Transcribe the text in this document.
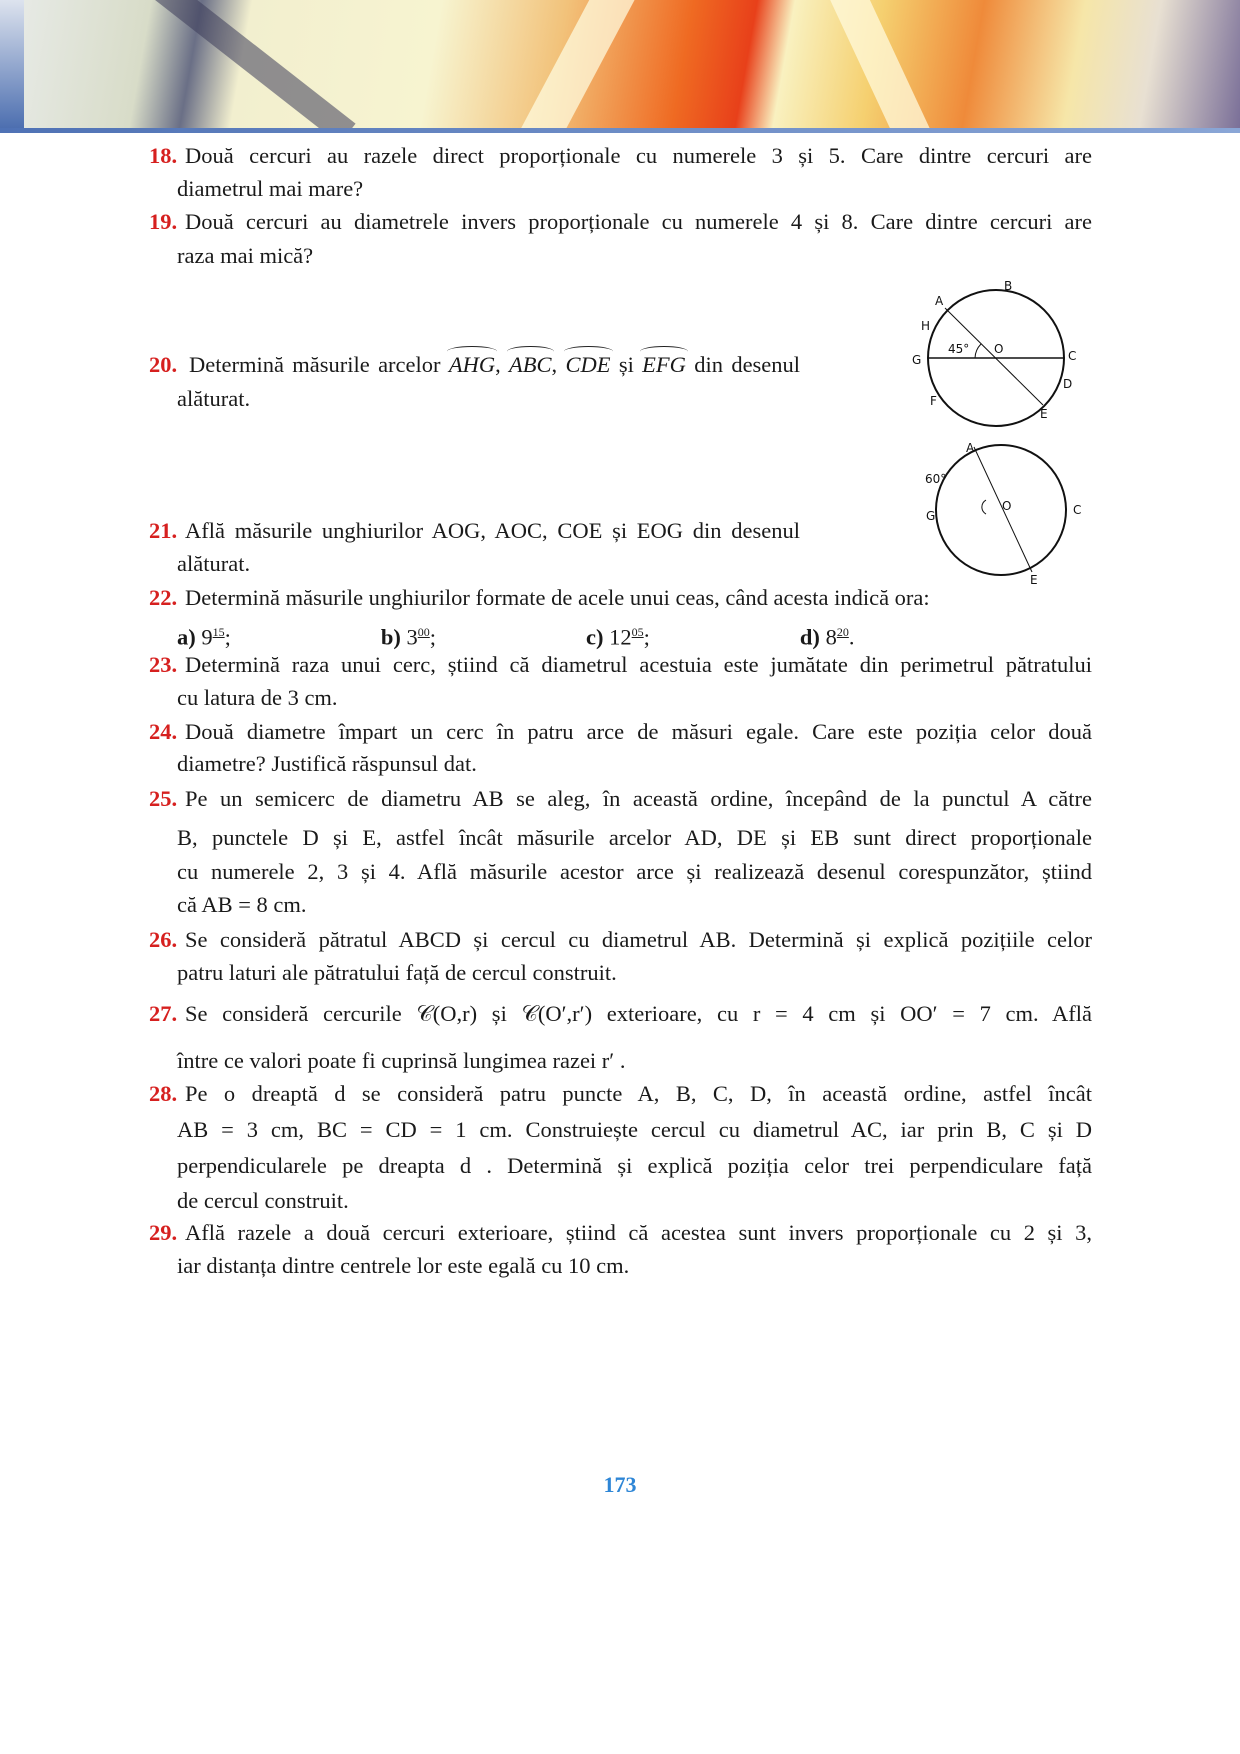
18. Două cercuri au razele direct proporționale cu numerele 3 și 5. Care dintre cercuri are
diametrul mai mare?
19. Două cercuri au diametrele invers proporționale cu numerele 4 și 8. Care dintre cercuri are
raza mai mică?
20. Determină măsurile arcelor AHG, ABC, CDE și EFG din desenul
alăturat.
21. Află măsurile unghiurilor AOG, AOC, COE și EOG din desenul
alăturat.
22. Determină măsurile unghiurilor formate de acele unui ceas, când acesta indică ora:
a) $9^{15}$;	b) $3^{00}$;	c) $12^{05}$;	d) $8^{20}$.
23. Determină raza unui cerc, știind că diametrul acestuia este jumătate din perimetrul pătratului
cu latura de 3 cm.
24. Două diametre împart un cerc în patru arce de măsuri egale. Care este poziția celor două
diametre? Justifică răspunsul dat.
25. Pe un semicerc de diametru AB se aleg, în această ordine, începând de la punctul A către
B, punctele D și E, astfel încât măsurile arcelor AD, DE și EB sunt direct proporționale
cu numerele 2, 3 și 4. Află măsurile acestor arce și realizează desenul corespunzător, știind
că AB = 8 cm.
26. Se consideră pătratul ABCD și cercul cu diametrul AB. Determină și explică pozițiile celor
patru laturi ale pătratului față de cercul construit.
27. Se consideră cercurile 𝒞(O,r) și 𝒞(O′,r′) exterioare, cu r = 4 cm și OO′ = 7 cm. Află
între ce valori poate fi cuprinsă lungimea razei r′ .
28. Pe o dreaptă d se consideră patru puncte A, B, C, D, în această ordine, astfel încât
AB = 3 cm, BC = CD = 1 cm. Construiește cercul cu diametrul AC, iar prin B, C și D
perpendicularele pe dreapta d . Determină și explică poziția celor trei perpendiculare față
de cercul construit.
29. Află razele a două cercuri exterioare, știind că acestea sunt invers proporționale cu 2 și 3,
iar distanța dintre centrele lor este egală cu 10 cm.
A
B
H
G
O	C
D
F
E
45°
A
G
O	C
E
60°
173
